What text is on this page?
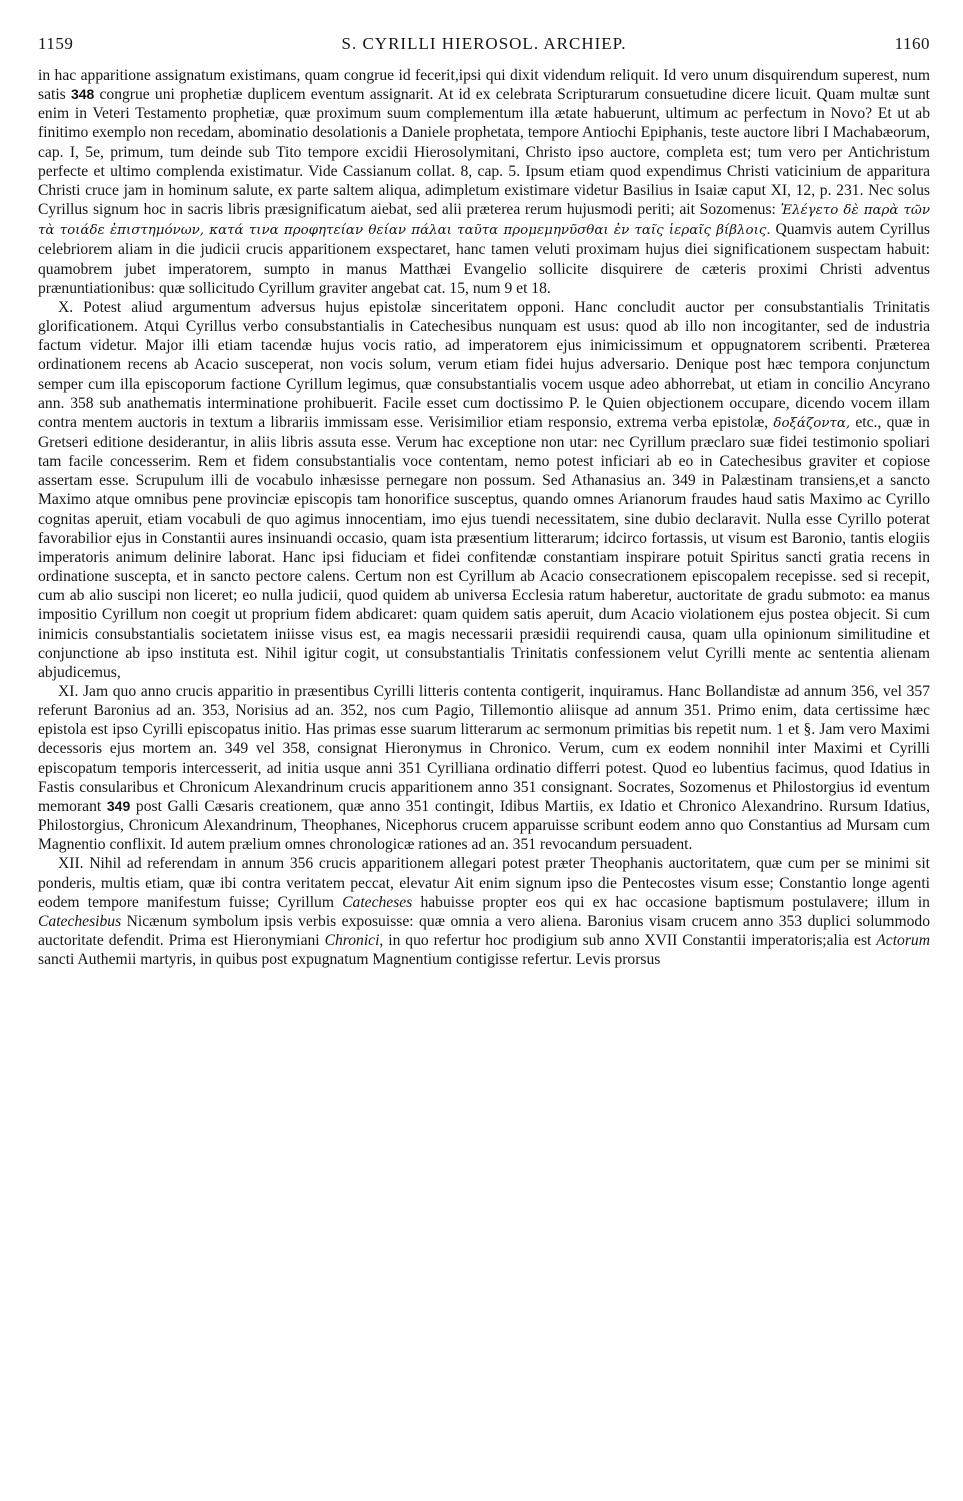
1159	S. CYRILLI HIEROSOL. ARCHIEP.	1160

in hac apparitione assignatum existimans, quam congrue id fecerit,ipsi qui dixit videndum reliquit. Id vero unum disquirendum superest, num satis 348 congrue uni prophetiæ duplicem eventum assignarit. At id ex celebrata Scripturarum consuetudine dicere licuit. Quam multæ sunt enim in Veteri Testamento prophetiæ, quæ proximum suum complementum illa ætate habuerunt, ultimum ac perfectum in Novo? Et ut ab finitimo exemplo non recedam, abominatio desolationis a Daniele prophetata, tempore Antiochi Epiphanis, teste auctore libri I Machabæorum, cap. I, 5e, primum, tum deinde sub Tito tempore excidii Hierosolymitani, Christo ipso auctore, completa est; tum vero per Antichristum perfecte et ultimo complenda existimatur. Vide Cassianum collat. 8, cap. 5. Ipsum etiam quod expendimus Christi vaticinium de apparitura Christi cruce jam in hominum salute, ex parte saltem aliqua, adimpletum existimare videtur Basilius in Isaiæ caput XI, 12, p. 231. Nec solus Cyrillus signum hoc in sacris libris præsignificatum aiebat, sed alii præterea rerum hujusmodi periti; ait Sozomenus: Ἐλέγετο δὲ παρὰ τῶν τὰ τοιάδε ἐπιστημόνων, κατά τινα προφητείαν θείαν πάλαι ταῦτα προμεμηνῦσθαι ἐν ταῖς ἱεραῖς βίβλοις. Quamvis autem Cyrillus celebriorem aliam in die judicii crucis apparitionem exspectaret, hanc tamen veluti proximam hujus diei significationem suspectam habuit: quamobrem jubet imperatorem, sumpto in manus Matthæi Evangelio sollicite disquirere de cæteris proximi Christi adventus prænuntiationibus: quæ sollicitudo Cyrillum graviter angebat cat. 15, num 9 et 18.

X. Potest aliud argumentum adversus hujus epistolæ sinceritatem opponi. Hanc concludit auctor per consubstantialis Trinitatis glorificationem. Atqui Cyrillus verbo consubstantialis in Catechesibus nunquam est usus: quod ab illo non incogitanter, sed de industria factum videtur. Major illi etiam tacendæ hujus vocis ratio, ad imperatorem ejus inimicissimum et oppugnatorem scribenti. Præterea ordinationem recens ab Acacio susceperat, non vocis solum, verum etiam fidei hujus adversario. Denique post hæc tempora conjunctum semper cum illa episcoporum factione Cyrillum legimus, quæ consubstantialis vocem usque adeo abhorrebat, ut etiam in concilio Ancyrano ann. 358 sub anathematis interminatione prohibuerit. Facile esset cum doctissimo P. le Quien objectionem occupare, dicendo vocem illam contra mentem auctoris in textum a librariis immissam esse. Verisimilior etiam responsio, extrema verba epistolæ, δοξάζοντα, etc., quæ in Gretseri editione desiderantur, in aliis libris assuta esse. Verum hac exceptione non utar: nec Cyrillum præclaro suæ fidei testimonio spoliari tam facile concesserim. Rem et fidem consubstantialis voce contentam, nemo potest inficiari ab eo in Catechesibus graviter et copiose assertam esse. Scrupulum illi de vocabulo inhæsisse pernegare non possum. Sed Athanasius an. 349 in Palæstinam transiens,et a sancto Maximo atque omnibus pene provinciæ episcopis tam honorifice susceptus, quando omnes Arianorum fraudes haud satis Maximo ac Cyrillo cognitas aperuit, etiam vocabuli de quo agimus innocentiam, imo ejus tuendi necessitatem, sine dubio declaravit. Nulla esse Cyrillo poterat favorabilior ejus in Constantii aures insinuandi occasio, quam ista præsentium litterarum; idcirco fortassis, ut visum est Baronio, tantis elogiis imperatoris animum delinire laborat. Hanc ipsi fiduciam et fidei confitendæ constantiam inspirare potuit Spiritus sancti gratia recens in ordinatione suscepta, et in sancto pectore calens. Certum non est Cyrillum ab Acacio consecrationem episcopalem recepisse. sed si recepit, cum ab alio suscipi non liceret; eo nulla judicii, quod quidem ab universa Ecclesia ratum haberetur, auctoritate de gradu submoto: ea manus impositio Cyrillum non coegit ut proprium fidem abdicaret: quam quidem satis aperuit, dum Acacio violationem ejus postea objecit. Si cum inimicis consubstantialis societatem iniisse visus est, ea magis necessarii præsidii requirendi causa, quam ulla opinionum similitudine et conjunctione ab ipso instituta est. Nihil igitur cogit, ut consubstantialis Trinitatis confessionem velut Cyrilli mente ac sententia alienam abjudicemus,

XI. Jam quo anno crucis apparitio in præsentibus Cyrilli litteris contenta contigerit, inquiramus. Hanc Bollandistæ ad annum 356, vel 357 referunt Baronius ad an. 353, Norisius ad an. 352, nos cum Pagio, Tillemontio aliisque ad annum 351. Primo enim, data certissime hæc epistola est ipso Cyrilli episcopatus initio. Has primas esse suarum litterarum ac sermonum primitias bis repetit num. 1 et §. Jam vero Maximi decessoris ejus mortem an. 349 vel 358, consignat Hieronymus in Chronico. Verum, cum ex eodem nonnihil inter Maximi et Cyrilli episcopatum temporis intercesserit, ad initia usque anni 351 Cyrilliana ordinatio differri potest. Quod eo lubentius facimus, quod Idatius in Fastis consularibus et Chronicum Alexandrinum crucis apparitionem anno 351 consignant. Socrates, Sozomenus et Philostorgius id eventum memorant 349 post Galli Cæsaris creationem, quæ anno 351 contingit, Idibus Martiis, ex Idatio et Chronico Alexandrino. Rursum Idatius, Philostorgius, Chronicum Alexandrinum, Theophanes, Nicephorus crucem apparuisse scribunt eodem anno quo Constantius ad Mursam cum Magnentio conflixit. Id autem prælium omnes chronologicæ rationes ad an. 351 revocandum persuadent.

XII. Nihil ad referendam in annum 356 crucis apparitionem allegari potest præter Theophanis auctoritatem, quæ cum per se minimi sit ponderis, multis etiam, quæ ibi contra veritatem peccat, elevatur Ait enim signum ipso die Pentecostes visum esse; Constantio longe agenti eodem tempore manifestum fuisse; Cyrillum Catecheses habuisse propter eos qui ex hac occasione baptismum postulavere; illum in Catechesibus Nicænum symbolum ipsis verbis exposuisse: quæ omnia a vero aliena. Baronius visam crucem anno 353 duplici solummodo auctoritate defendit. Prima est Hieronymiani Chronici, in quo refertur hoc prodigium sub anno XVII Constantii imperatoris;alia est Actorum sancti Authemii martyris, in quibus post expugnatum Magnentium contigisse refertur. Levis prorsus
